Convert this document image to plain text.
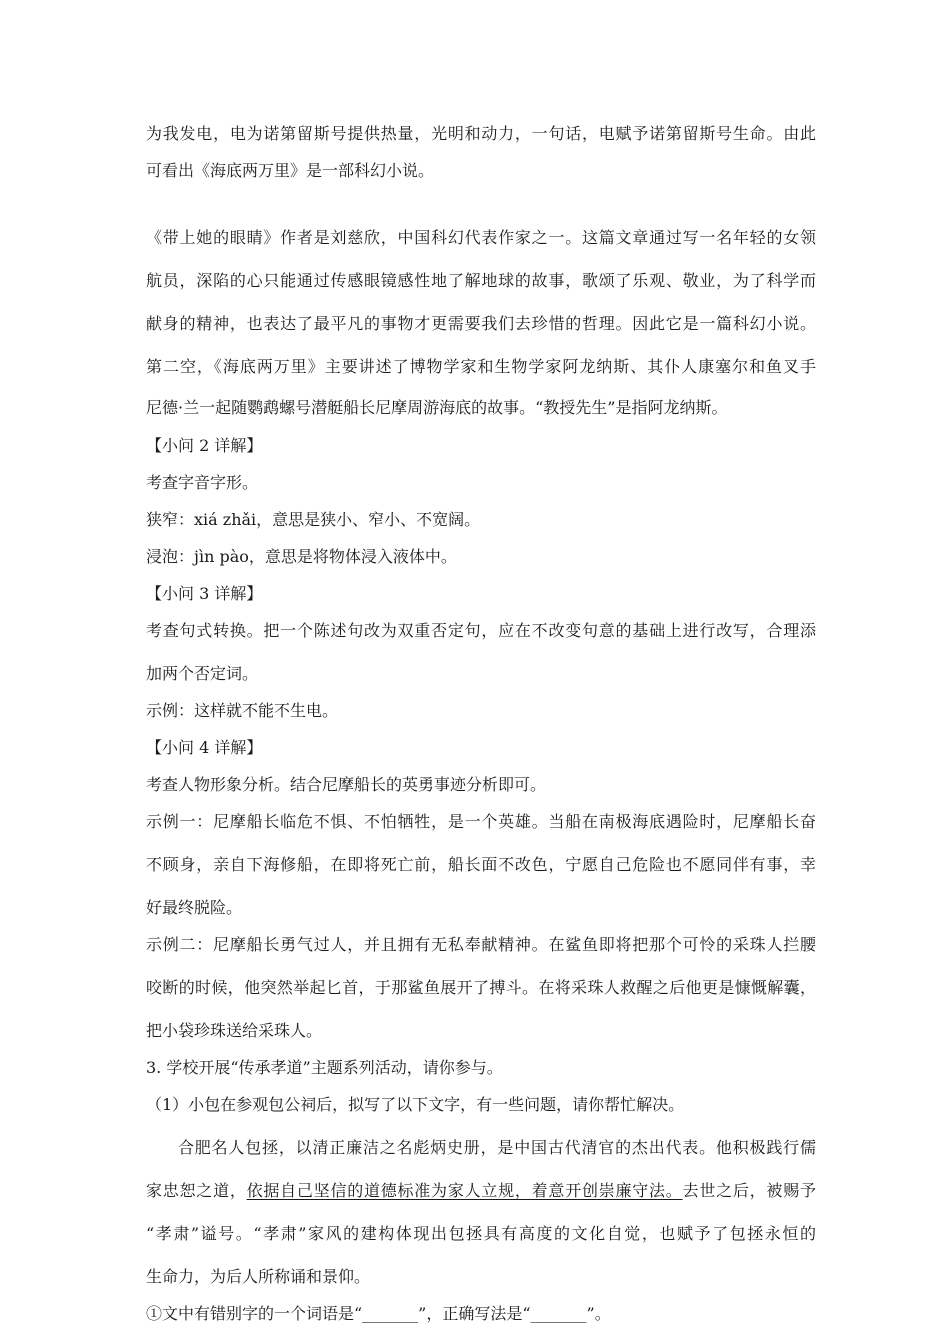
为我发电，电为诺第留斯号提供热量，光明和动力，一句话，电赋予诺第留斯号生命。由此
可看出《海底两万里》是一部科幻小说。
《带上她的眼睛》作者是刘慈欣，中国科幻代表作家之一。这篇文章通过写一名年轻的女领
航员，深陷的心只能通过传感眼镜感性地了解地球的故事，歌颂了乐观、敬业，为了科学而
献身的精神，也表达了最平凡的事物才更需要我们去珍惜的哲理。因此它是一篇科幻小说。
第二空，《海底两万里》主要讲述了博物学家和生物学家阿龙纳斯、其仆人康塞尔和鱼叉手
尼德·兰一起随鹦鹉螺号潜艇船长尼摩周游海底的故事。“教授先生”是指阿龙纳斯。
【小问 2 详解】
考查字音字形。
狭窄：xiá zhǎi，意思是狭小、窄小、不宽阔。
浸泡：jìn pào，意思是将物体浸入液体中。
【小问 3 详解】
考查句式转换。把一个陈述句改为双重否定句，应在不改变句意的基础上进行改写，合理添
加两个否定词。
示例：这样就不能不生电。
【小问 4 详解】
考查人物形象分析。结合尼摩船长的英勇事迹分析即可。
示例一：尼摩船长临危不惧、不怕牺牲，是一个英雄。当船在南极海底遇险时，尼摩船长奋
不顾身，亲自下海修船，在即将死亡前，船长面不改色，宁愿自己危险也不愿同伴有事，幸
好最终脱险。
示例二：尼摩船长勇气过人，并且拥有无私奉献精神。在鲨鱼即将把那个可怜的采珠人拦腰
咬断的时候，他突然举起匕首，于那鲨鱼展开了搏斗。在将采珠人救醒之后他更是慷慨解囊，
把小袋珍珠送给采珠人。
3. 学校开展“传承孝道”主题系列活动，请你参与。
（1）小包在参观包公祠后，拟写了以下文字，有一些问题，请你帮忙解决。
合肥名人包拯，以清正廉洁之名彪炳史册，是中国古代清官的杰出代表。他积极践行儒
家忠恕之道，依据自己坚信的道德标准为家人立规，着意开创崇廉守法。去世之后，被赐予
“孝肃”谥号。“孝肃”家风的建构体现出包拯具有高度的文化自觉，也赋予了包拯永恒的
生命力，为后人所称诵和景仰。
①文中有错别字的一个词语是“_______”，正确写法是“_______”。
